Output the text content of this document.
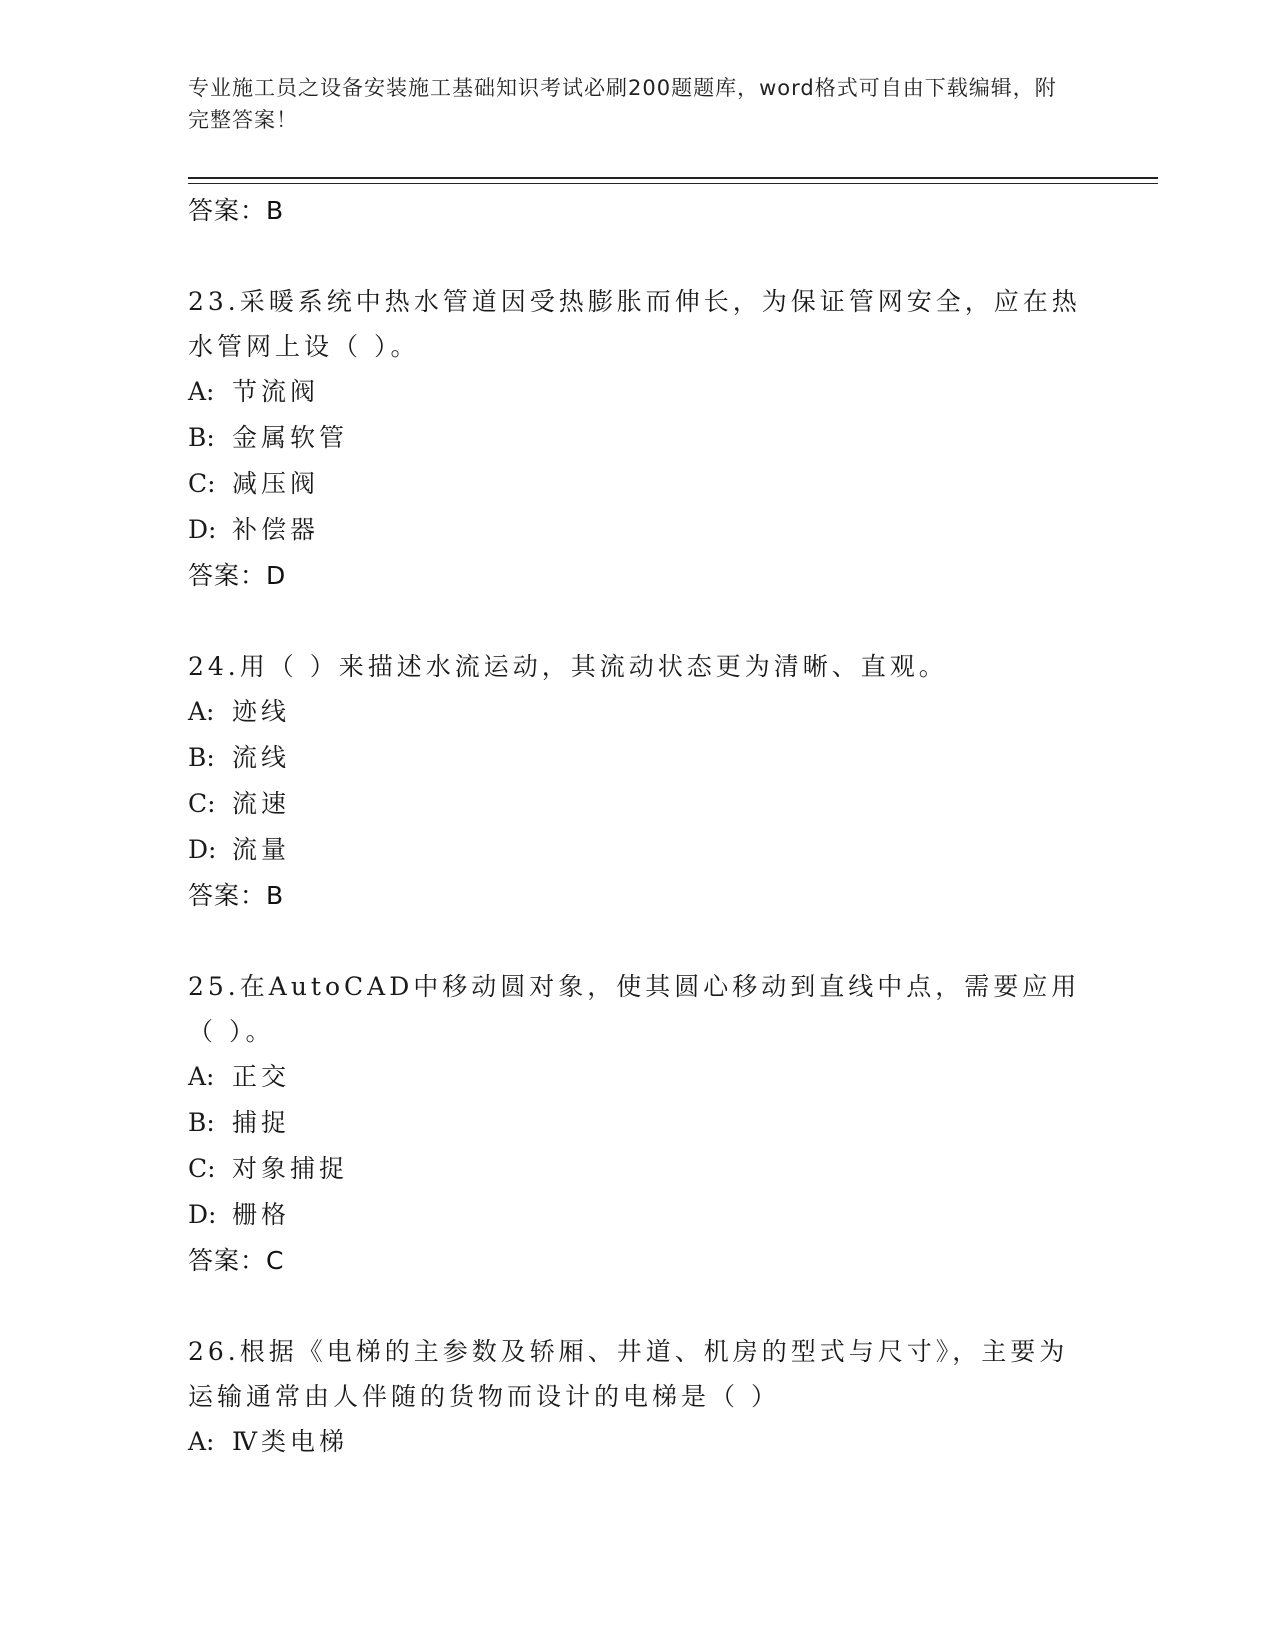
专业施工员之设备安装施工基础知识考试必刷200题题库，word格式可自由下载编辑，附完整答案！
答案：B
23.采暖系统中热水管道因受热膨胀而伸长，为保证管网安全，应在热水管网上设（ ）。
A: 节流阀
B: 金属软管
C: 减压阀
D: 补偿器
答案：D
24.用（ ）来描述水流运动，其流动状态更为清晰、直观。
A: 迹线
B: 流线
C: 流速
D: 流量
答案：B
25.在AutoCAD中移动圆对象，使其圆心移动到直线中点，需要应用（ ）。
A: 正交
B: 捕捉
C: 对象捕捉
D: 栅格
答案：C
26.根据《电梯的主参数及轿厢、井道、机房的型式与尺寸》，主要为运输通常由人伴随的货物而设计的电梯是（ ）
A: Ⅳ类电梯
